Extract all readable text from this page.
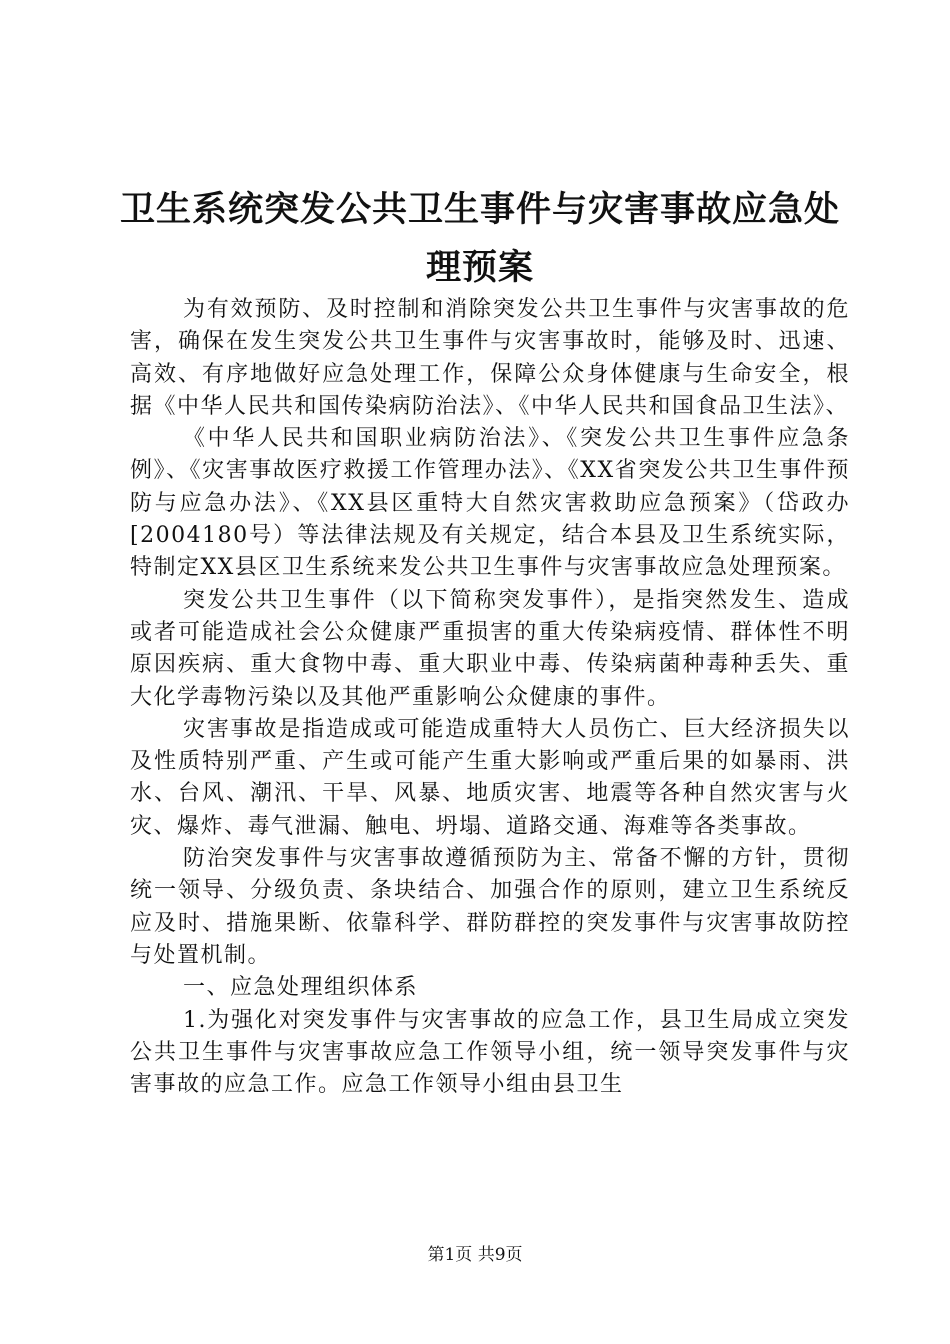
卫生系统突发公共卫生事件与灾害事故应急处
理预案

为有效预防、及时控制和消除突发公共卫生事件与灾害事故的危害，确保在发生突发公共卫生事件与灾害事故时，能够及时、迅速、高效、有序地做好应急处理工作，保障公众身体健康与生命安全，根据《中华人民共和国传染病防治法》、《中华人民共和国食品卫生法》、

《中华人民共和国职业病防治法》、《突发公共卫生事件应急条例》、《灾害事故医疗救援工作管理办法》、《XX省突发公共卫生事件预防与应急办法》、《XX县区重特大自然灾害救助应急预案》（岱政办[2004180号）等法律法规及有关规定，结合本县及卫生系统实际，特制定XX县区卫生系统来发公共卫生事件与灾害事故应急处理预案。

突发公共卫生事件（以下简称突发事件），是指突然发生、造成或者可能造成社会公众健康严重损害的重大传染病疫情、群体性不明原因疾病、重大食物中毒、重大职业中毒、传染病菌种毒种丢失、重大化学毒物污染以及其他严重影响公众健康的事件。

灾害事故是指造成或可能造成重特大人员伤亡、巨大经济损失以及性质特别严重、产生或可能产生重大影响或严重后果的如暴雨、洪水、台风、潮汛、干旱、风暴、地质灾害、地震等各种自然灾害与火灾、爆炸、毒气泄漏、触电、坍塌、道路交通、海难等各类事故。

防治突发事件与灾害事故遵循预防为主、常备不懈的方针，贯彻统一领导、分级负责、条块结合、加强合作的原则，建立卫生系统反应及时、措施果断、依靠科学、群防群控的突发事件与灾害事故防控与处置机制。

一、应急处理组织体系

1.为强化对突发事件与灾害事故的应急工作，县卫生局成立突发公共卫生事件与灾害事故应急工作领导小组，统一领导突发事件与灾害事故的应急工作。应急工作领导小组由县卫生

第1页 共9页
